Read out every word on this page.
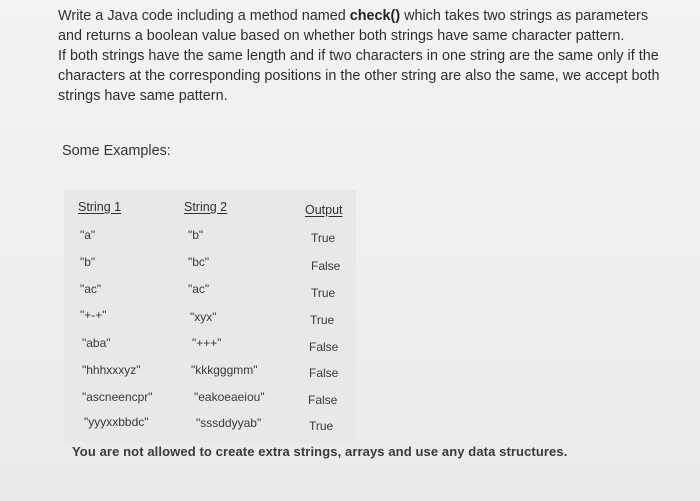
Write a Java code including a method named check() which takes two strings as parameters

and returns a boolean value based on whether both strings have same character pattern.

If both strings have the same length and if two characters in one string are the same only if the

characters at the corresponding positions in the other string are also the same, we accept both

strings have same pattern.

Some Examples:
String 1	String 2	Output
"a"	"b"	True
"b"	"bc"	False
"ac"	"ac"	True
"+-+"	"xyx"	True
"aba"	"+++"	False
"hhhxxxyz"	"kkkgggmm"	False
"ascneencpr"	"eakoeaeiou"	False
"yyyxxbbdc"	"sssddyyab"	True
You are not allowed to create extra strings, arrays and use any data structures.
